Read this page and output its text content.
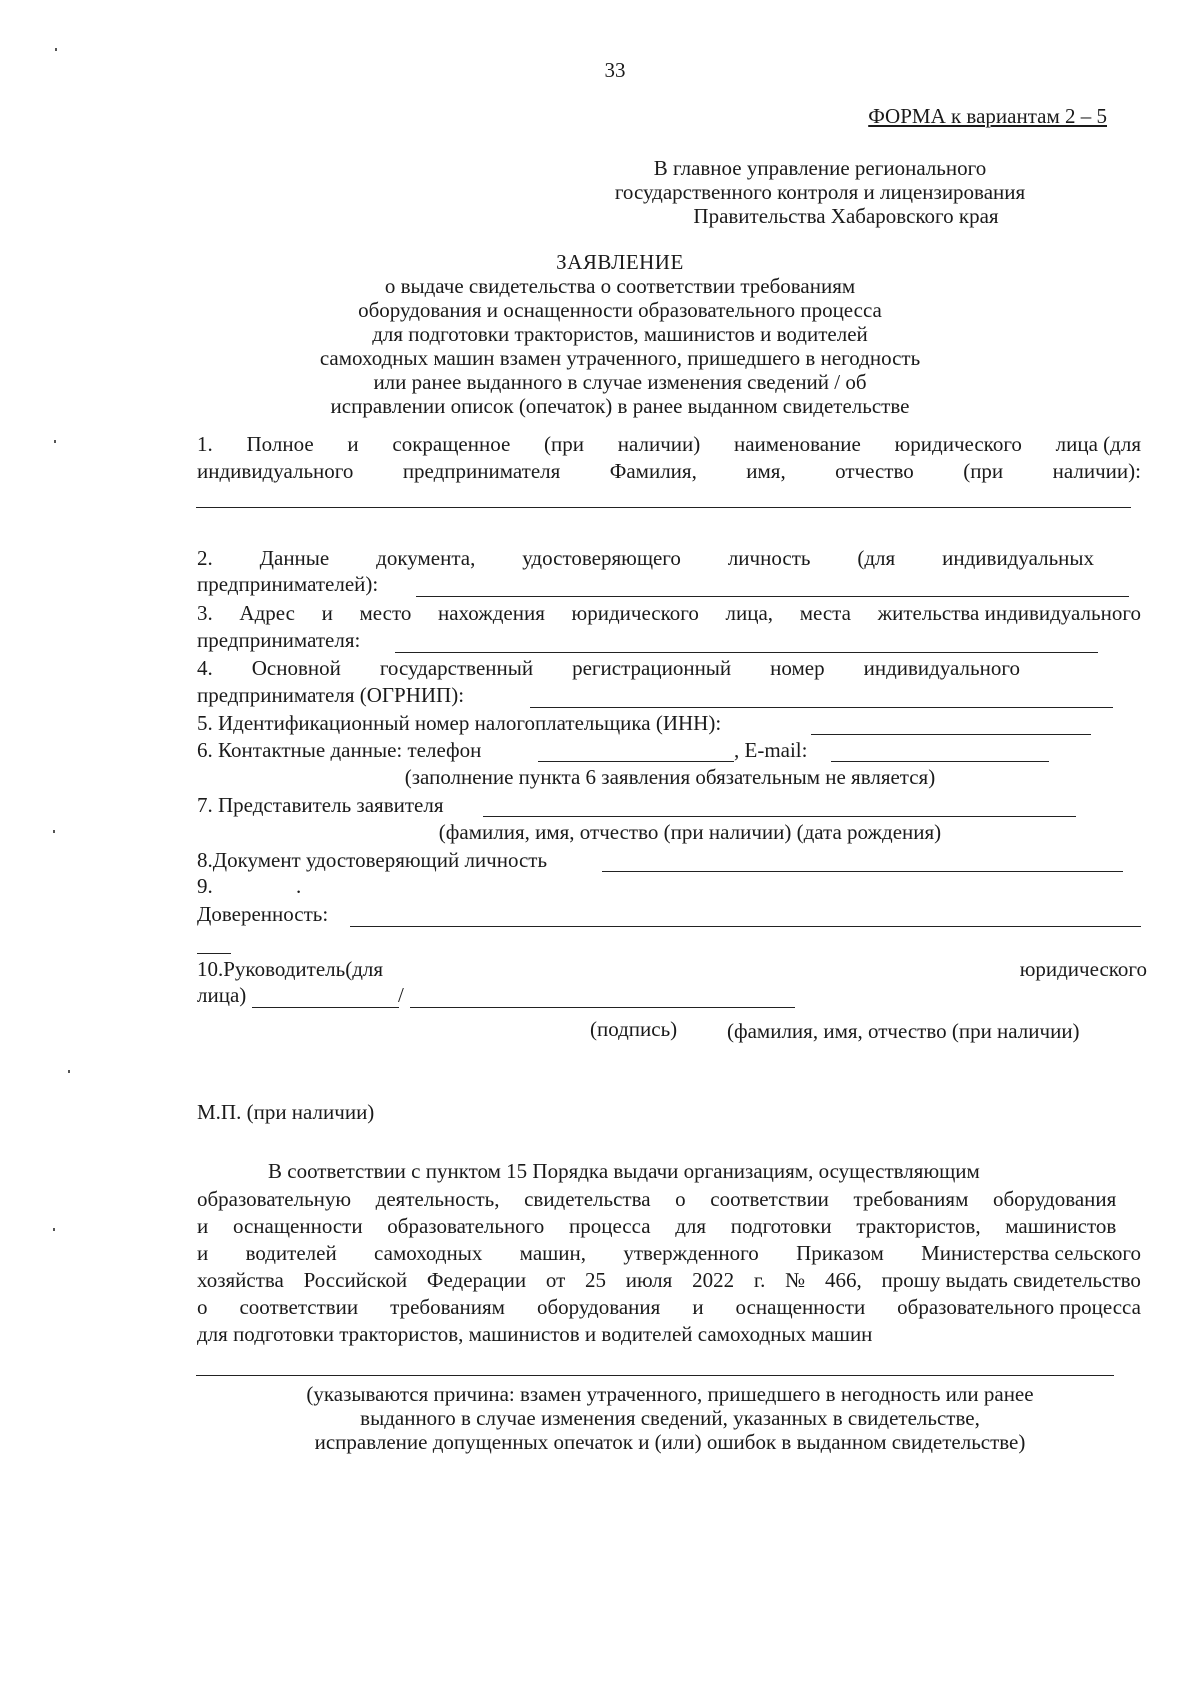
33
ФОРМА к вариантам 2 – 5
В главное управление регионального
государственного контроля и лицензирования
Правительства Хабаровского края
ЗАЯВЛЕНИЕ
о выдаче свидетельства о соответствии требованиям
оборудования и оснащенности образовательного процесса
для подготовки трактористов, машинистов и водителей
самоходных машин взамен утраченного, пришедшего в негодность
или ранее выданного в случае изменения сведений / об
исправлении описок (опечаток) в ранее выданном свидетельстве
1. Полное и сокращенное (при наличии) наименование юридического лица (для
индивидуального предпринимателя Фамилия, имя, отчество (при наличии):
2. Данные документа, удостоверяющего личность (для индивидуальных
предпринимателей):
3. Адрес и место нахождения юридического лица, места жительства индивидуального
предпринимателя:
4. Основной государственный регистрационный номер индивидуального
предпринимателя (ОГРНИП):
5. Идентификационный номер налогоплательщика (ИНН):
6. Контактные данные: телефон	, E-mail:
(заполнение пункта 6 заявления обязательным не является)
7. Представитель заявителя
(фамилия, имя, отчество (при наличии) (дата рождения)
8.Документ удостоверяющий личность
9.	.
Доверенность:
10.Руководитель(для	юридического
лица)	/
(подпись) (фамилия, имя, отчество (при наличии)
М.П. (при наличии)
В соответствии с пунктом 15 Порядка выдачи организациям, осуществляющим
образовательную деятельность, свидетельства о соответствии требованиям оборудования
и оснащенности образовательного процесса для подготовки трактористов, машинистов
и водителей самоходных машин, утвержденного Приказом Министерства сельского
хозяйства Российской Федерации от 25 июля 2022 г. № 466, прошу выдать свидетельство
о соответствии требованиям оборудования и оснащенности образовательного процесса
для подготовки трактористов, машинистов и водителей самоходных машин
(указываются причина: взамен утраченного, пришедшего в негодность или ранее
выданного в случае изменения сведений, указанных в свидетельстве,
исправление допущенных опечаток и (или) ошибок в выданном свидетельстве)
